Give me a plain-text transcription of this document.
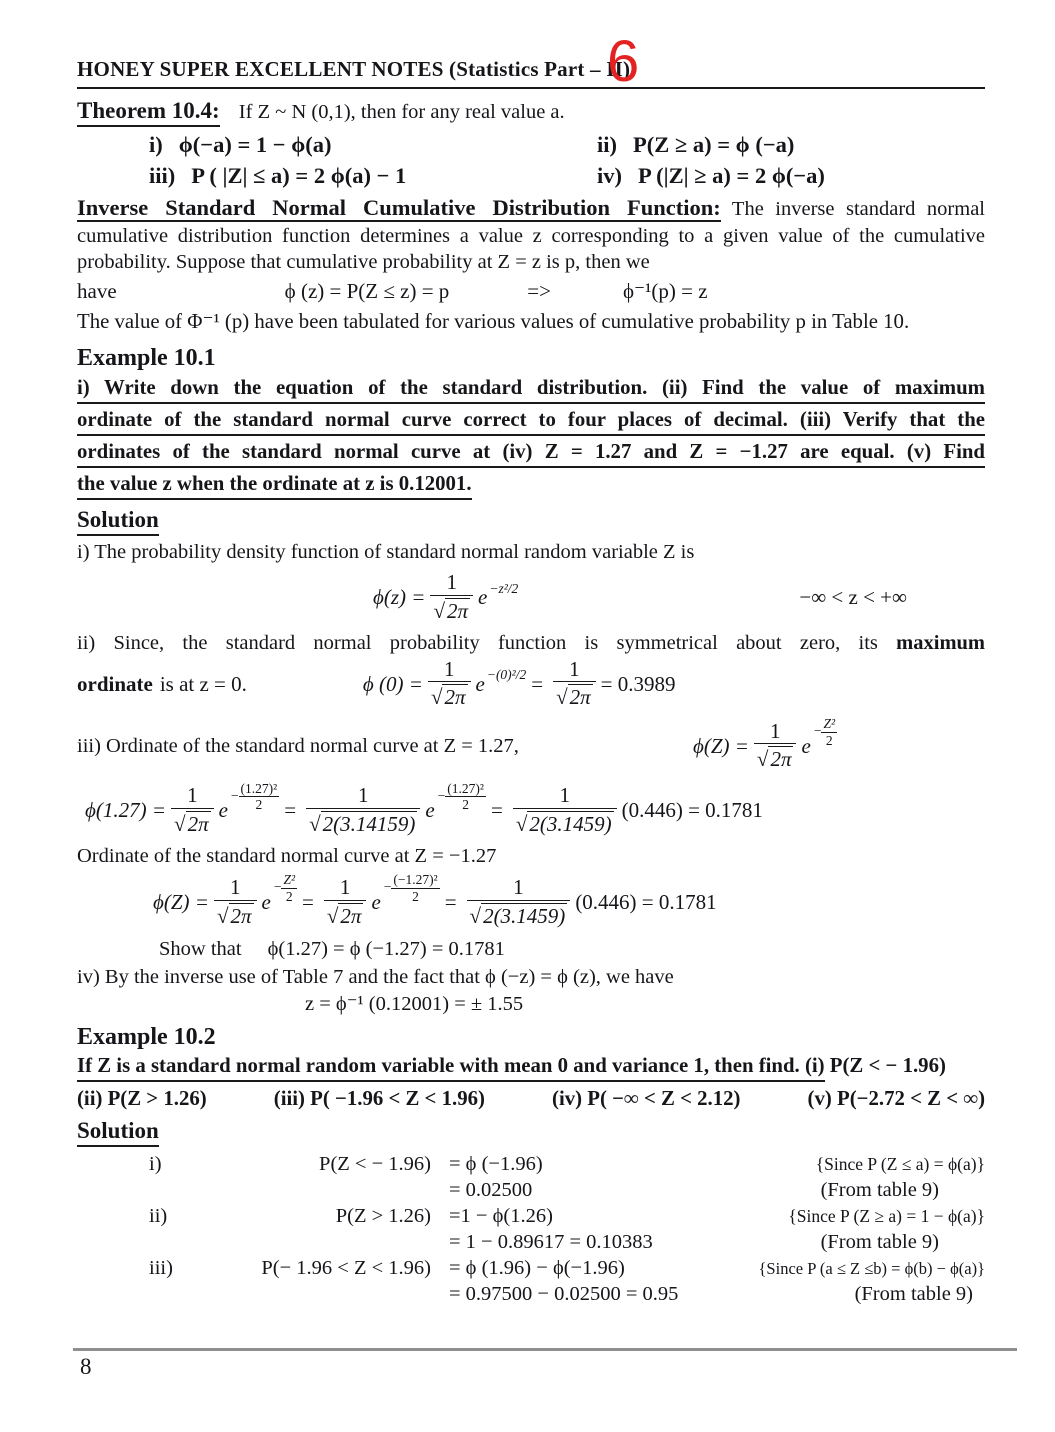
HONEY SUPER EXCELLENT NOTES (Statistics Part – II)
6
Theorem 10.4: If Z ~ N (0,1), then for any real value a.
i) ϕ(−a) = 1 − ϕ(a)	ii) P(Z ≥ a) = ϕ (−a)
iii) P ( |Z| ≤ a) = 2 ϕ(a) − 1	iv) P (|Z| ≥ a) = 2 ϕ(−a)
Inverse Standard Normal Cumulative Distribution Function: The inverse standard normal cumulative distribution function determines a value z corresponding to a given value of the cumulative probability. Suppose that cumulative probability at Z = z is p, then we
have	ϕ (z) = P(Z ≤ z) = p	=>	ϕ⁻¹(p) = z
The value of Φ⁻¹ (p) have been tabulated for various values of cumulative probability p in Table 10.
Example 10.1
i) Write down the equation of the standard distribution. (ii) Find the value of maximum
ordinate of the standard normal curve correct to four places of decimal. (iii) Verify that the
ordinates of the standard normal curve at (iv) Z = 1.27 and Z = −1.27 are equal. (v) Find
the value z when the ordinate at z is 0.12001.
Solution
i) The probability density function of standard normal random variable Z is
$\phi(z) = \frac{1}{√2\pi}$ e −z²/2	−∞ < z < +∞
ii) Since, the standard normal probability function is symmetrical about zero, its maximum
ordinate is at z = 0.	ϕ $(0) = \frac{1}{√2\pi}$ $e -(0)^2/2 = \frac{1}{√2\pi} = 0.3989$
iii) Ordinate of the standard normal curve at Z = 1.27,	$\phi(Z) = \frac{1}{√2\pi}$ e
− $\frac{\text{Z²}}{2}$
$\phi(1.27) = \frac{1}{√2\pi}$ e
− $\frac{\text{(1.27)²}}{2} = \frac{1}{√2(3.14159)}$ e
− $\frac{\text{(1.27)²}}{2} = \frac{1}{√2(3.1459)} (0.446) = 0.1781$
Ordinate of the standard normal curve at Z = −1.27
$\phi(Z) = \frac{1}{√2\pi}$ e
− $\frac{\text{Z²}}{2} = \frac{1}{√2\pi}$ e
− $\frac{\text{(−1.27)²}}{2} = \frac{1}{√2(3.1459)} (0.446) = 0.1781$
Show that ϕ(1.27) = ϕ (−1.27) = 0.1781
iv) By the inverse use of Table 7 and the fact that ϕ (−z) = ϕ (z), we have
z = ϕ⁻¹ (0.12001) = ± 1.55
Example 10.2
If Z is a standard normal random variable with mean 0 and variance 1, then find. (i) P(Z < − 1.96)
(ii) P(Z > 1.26)	(iii) P( −1.96 < Z < 1.96)	(iv) P( −∞ < Z < 2.12)	(v) P(−2.72 < Z < ∞)
Solution
i)	P(Z < − 1.96) = ϕ (−1.96)	{Since P (Z ≤ a) = ϕ(a)}
= 0.02500	(From table 9)
ii)	P(Z > 1.26) =1 − ϕ(1.26)	{Since P (Z ≥ a) = 1 − ϕ(a)}
= 1 − 0.89617 = 0.10383	(From table 9)
iii)	P(− 1.96 < Z < 1.96) = ϕ (1.96) − ϕ(−1.96)	{Since P (a ≤ Z ≤b) = ϕ(b) − ϕ(a)}
= 0.97500 − 0.02500 = 0.95	(From table 9)
8
